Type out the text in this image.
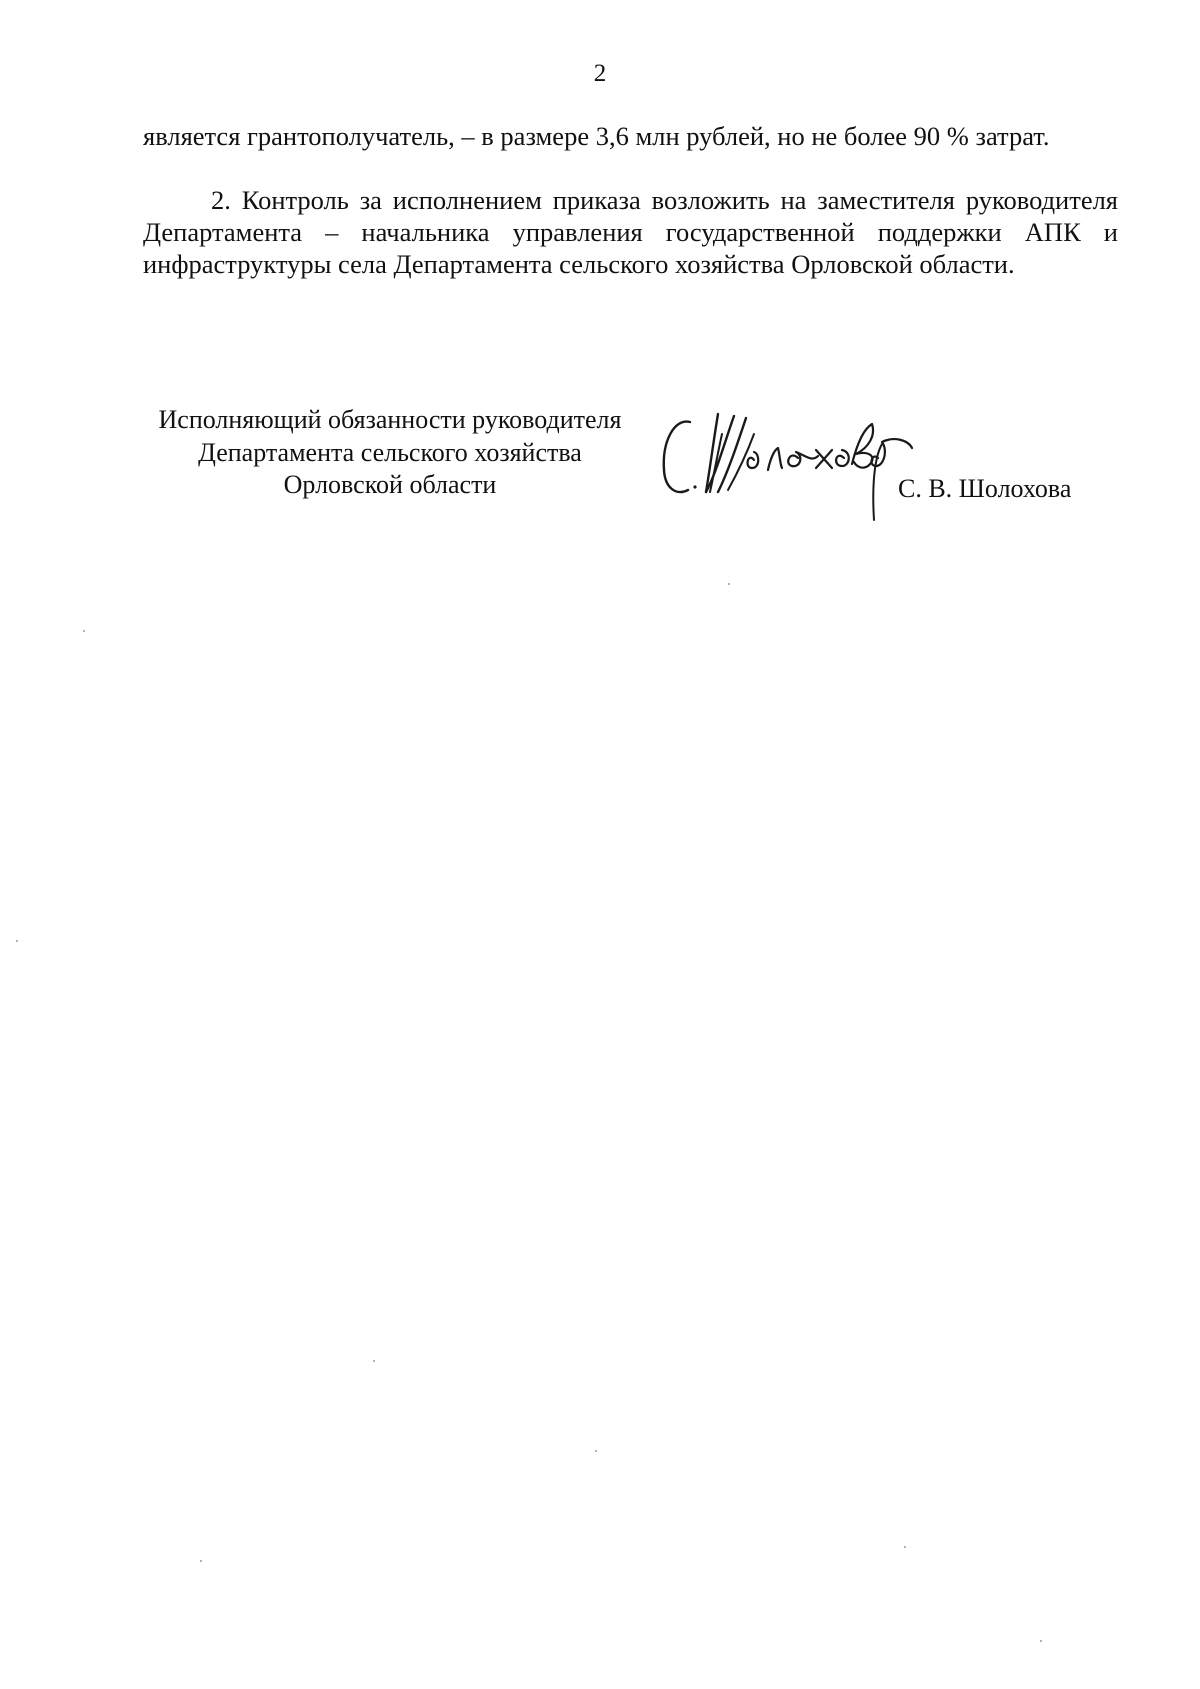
2
является грантополучатель, – в размере 3,6 млн рублей, но не более 90 % затрат.
2. Контроль за исполнением приказа возложить на заместителя руководителя Департамента – начальника управления государственной поддержки АПК и инфраструктуры села Департамента сельского хозяйства Орловской области.
Исполняющий обязанности руководителя
Департамента сельского хозяйства
Орловской области	С. В. Шолохова
